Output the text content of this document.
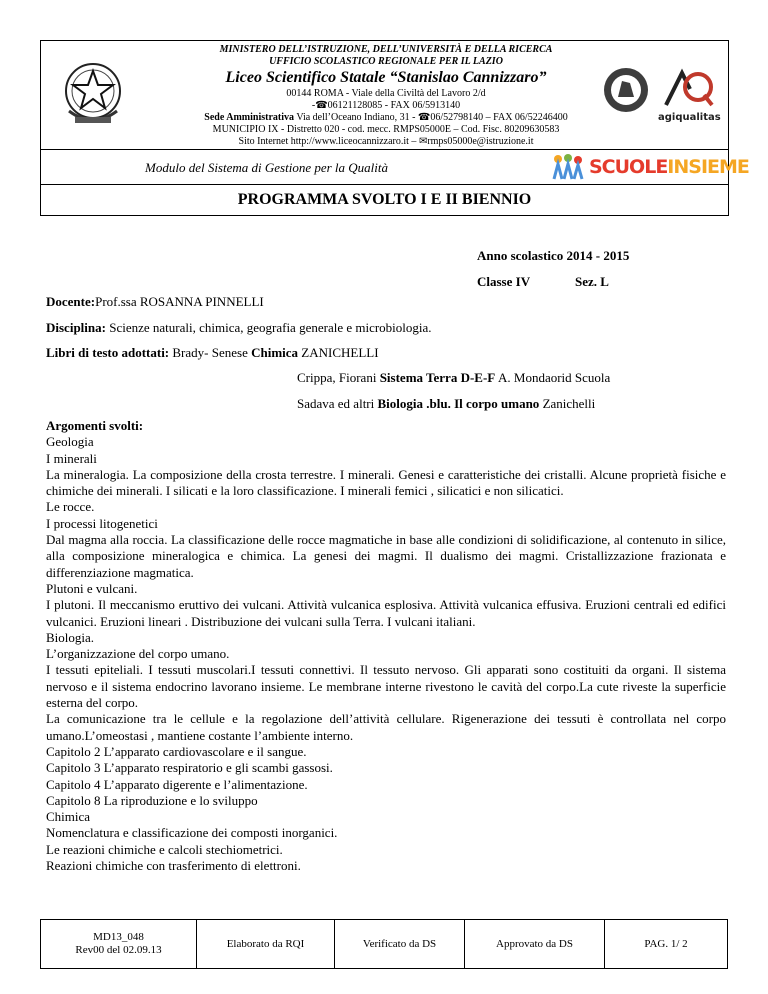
MINISTERO DELL’ISTRUZIONE, DELL’UNIVERSITÀ E DELLA RICERCA
UFFICIO SCOLASTICO REGIONALE PER IL LAZIO
Liceo Scientifico Statale “Stanislao Cannizzaro”
00144 ROMA - Viale della Civiltà del Lavoro 2/d
-☎06121128085 - FAX 06/5913140
Sede Amministrativa Via dell’Oceano Indiano, 31 - ☎06/52798140 – FAX 06/52246400
MUNICIPIO IX - Distretto 020 - cod. mecc. RMPS05000E – Cod. Fisc. 80209630583
Sito Internet http://www.liceocannizzaro.it – ✉rmps05000e@istruzione.it
agiqualitas
Modulo del Sistema di Gestione per la Qualità	SCUOLEINSIEME
PROGRAMMA SVOLTO I E II BIENNIO
Anno scolastico 2014 - 2015
Classe IV	Sez. L
Docente:Prof.ssa ROSANNA PINNELLI
Disciplina: Scienze naturali, chimica, geografia generale e microbiologia.
Libri di testo adottati: Brady- Senese Chimica ZANICHELLI
Crippa, Fiorani Sistema Terra D-E-F A. Mondaorid Scuola
Sadava ed altri Biologia .blu. Il corpo umano Zanichelli

Argomenti svolti:

Geologia

I minerali

La mineralogia. La composizione della crosta terrestre. I minerali. Genesi e caratteristiche dei cristalli. Alcune proprietà fisiche e chimiche dei minerali. I silicati e la loro classificazione. I minerali femici , silicatici e non silicatici.

Le rocce.

I processi litogenetici

Dal magma alla roccia. La classificazione delle rocce magmatiche in base alle condizioni di solidificazione, al contenuto in silice, alla composizione mineralogica e chimica. La genesi dei magmi. Il dualismo dei magmi. Cristallizzazione frazionata e differenziazione magmatica.

Plutoni e vulcani.

I plutoni. Il meccanismo eruttivo dei vulcani. Attività vulcanica esplosiva. Attività vulcanica effusiva. Eruzioni centrali ed edifici vulcanici. Eruzioni lineari . Distribuzione dei vulcani sulla Terra. I vulcani italiani.

Biologia.

L’organizzazione del corpo umano.

I tessuti epiteliali. I tessuti muscolari.I tessuti connettivi. Il tessuto nervoso. Gli apparati sono costituiti da organi. Il sistema nervoso e il sistema endocrino lavorano insieme. Le membrane interne rivestono le cavità del corpo.La cute riveste la superficie esterna del corpo.

La comunicazione tra le cellule e la regolazione dell’attività cellulare. Rigenerazione dei tessuti è controllata nel corpo umano.L’omeostasi , mantiene costante l’ambiente interno.

Capitolo 2 L’apparato cardiovascolare e il sangue.

Capitolo 3 L’apparato respiratorio e gli scambi gassosi.

Capitolo 4 L’apparato digerente e l’alimentazione.

Capitolo 8 La riproduzione e lo sviluppo

Chimica

Nomenclatura e classificazione dei composti inorganici.

Le reazioni chimiche e calcoli stechiometrici.

Reazioni chimiche con trasferimento di elettroni.

MD13_048
Rev00 del 02.09.13
Elaborato da RQI	Verificato da DS	Approvato da DS	PAG. 1/ 2
